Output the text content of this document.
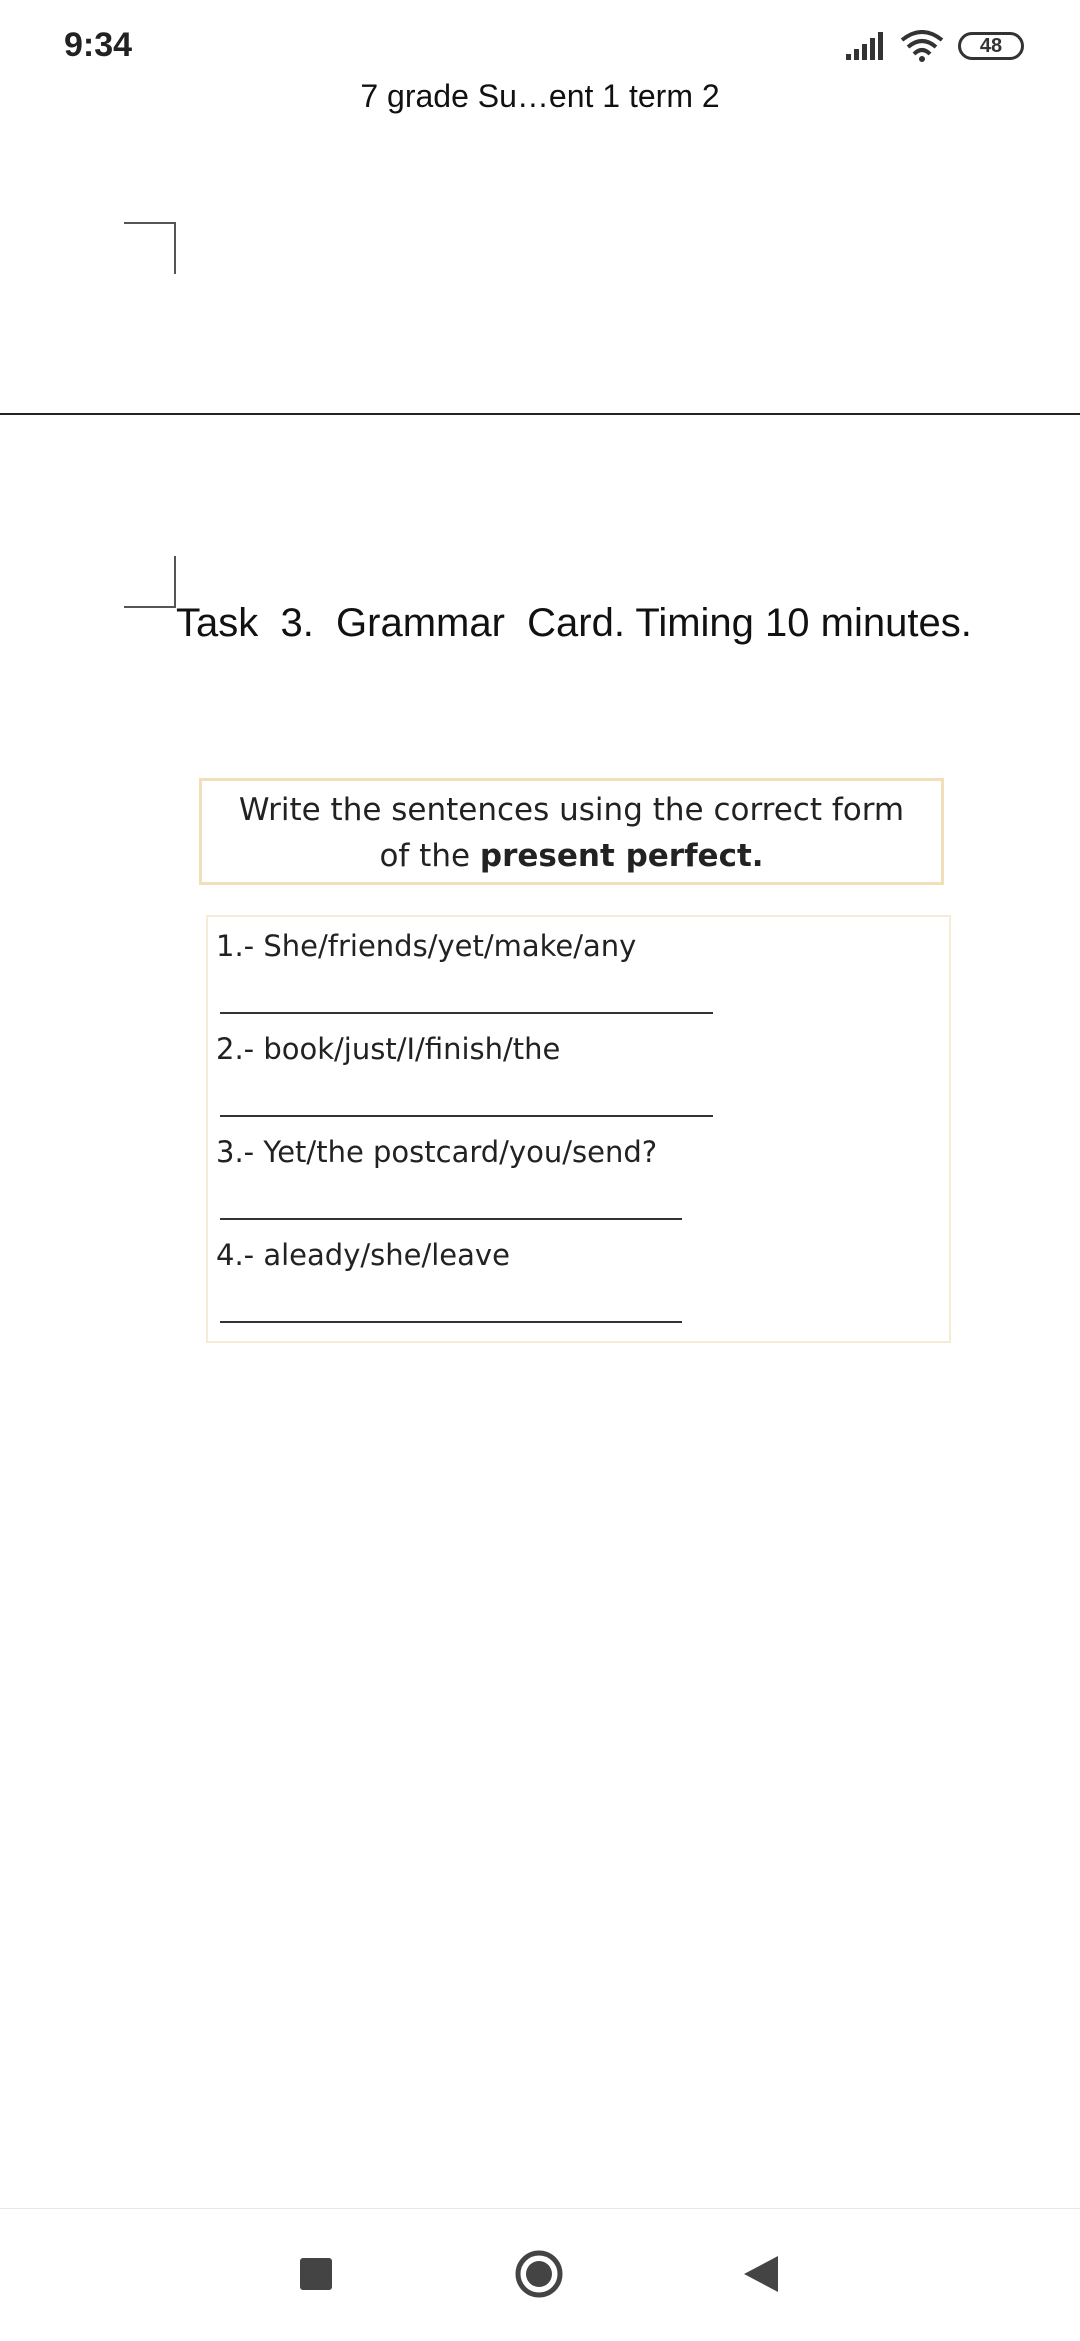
9:34	48
7 grade Su…ent 1 term 2
Task  3.  Grammar  Card. Timing 10 minutes.
Write the sentences using the correct form
of the present perfect.
1.- She/friends/yet/make/any
2.- book/just/I/finish/the
3.- Yet/the postcard/you/send?
4.- aleady/she/leave
